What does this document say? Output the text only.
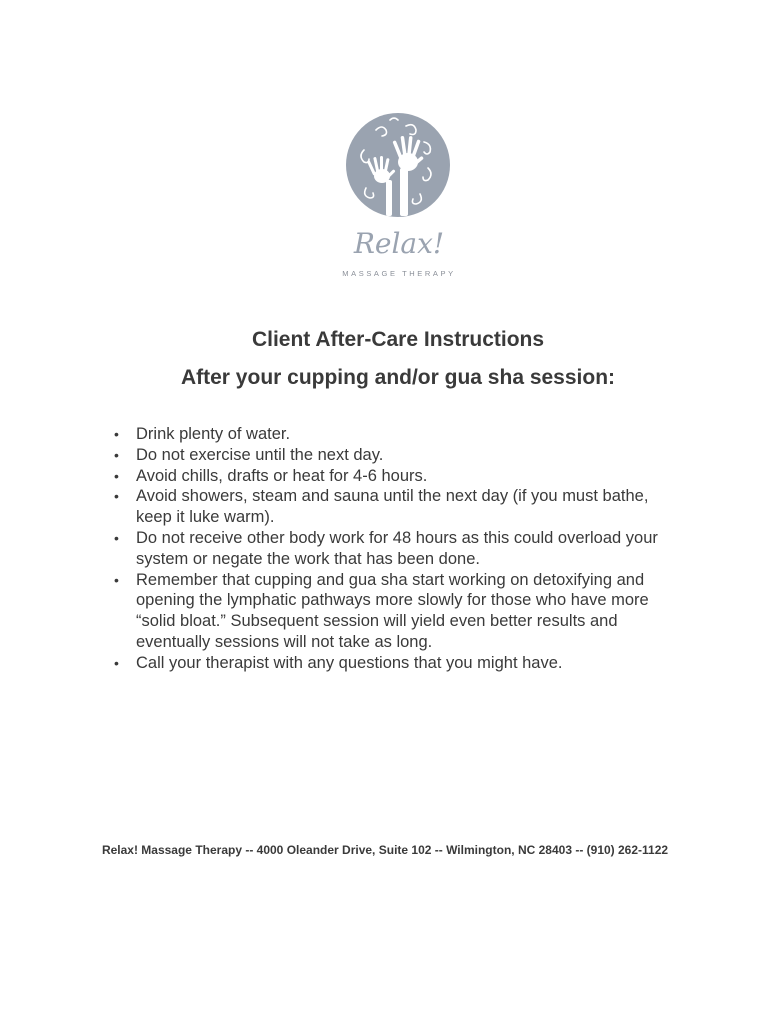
Relax!
MASSAGE THERAPY
Client After-Care Instructions
After your cupping and/or gua sha session:
• Drink plenty of water.
• Do not exercise until the next day.
• Avoid chills, drafts or heat for 4-6 hours.
• Avoid showers, steam and sauna until the next day (if you must bathe, keep it luke warm).
• Do not receive other body work for 48 hours as this could overload your system or negate the work that has been done.
• Remember that cupping and gua sha start working on detoxifying and opening the lymphatic pathways more slowly for those who have more “solid bloat.” Subsequent session will yield even better results and eventually sessions will not take as long.
• Call your therapist with any questions that you might have.
Relax! Massage Therapy -- 4000 Oleander Drive, Suite 102 -- Wilmington, NC 28403 -- (910) 262-1122
